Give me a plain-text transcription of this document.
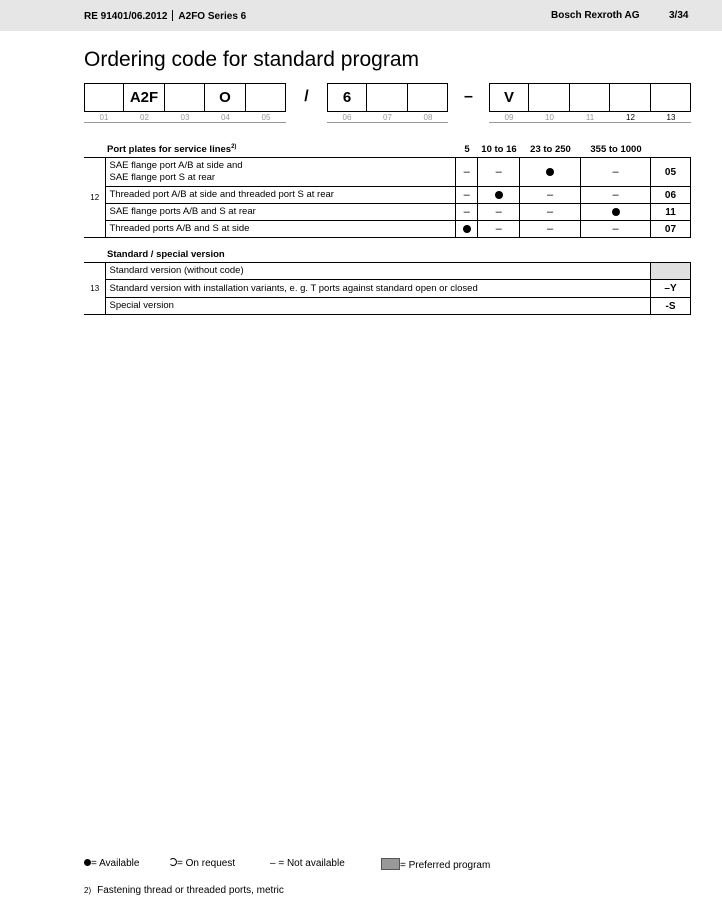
RE 91401/06.2012 A2FO Series 6	Bosch Rexroth AG	3/34
Ordering code for standard program
A2F	O	/	6	–	V
01	02	03	04	05	06	07	08	09	10	11	12	13
Port plates for service lines$^{2)}$	5	10 to 16	23 to 250	355 to 1000
12	SAE flange port A/B at side and
SAE flange port S at rear	–	–		–	05
	Threaded port A/B at side and threaded port S at rear	–		–	–	06
	SAE flange ports A/B and S at rear	–	–	–		11
	Threaded ports A/B and S at side		–	–	–	07
Standard / special version
13	Standard version (without code)	
	Standard version with installation variants, e. g. T ports against standard open or closed	–Y
	Special version	-S
= Available	= On request	– = Not available	= Preferred program
2) Fastening thread or threaded ports, metric
